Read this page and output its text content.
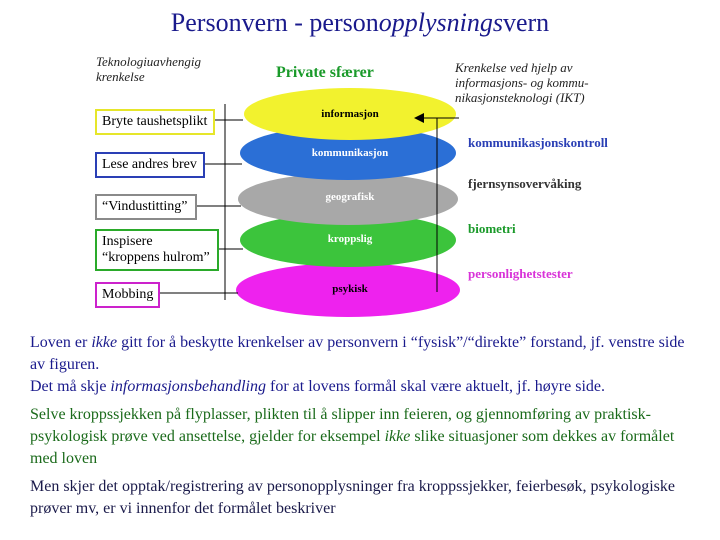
Personvern - personopplysningsvern
Teknologiuavhengig
krenkelse	Private sfærer	Krenkelse ved hjelp av
informasjons- og kommu-
nikasjonsteknologi (IKT)
informasjon
kommunikasjon
geografisk
kroppslig
psykisk
Bryte taushetsplikt
Lese andres brev
“Vindustitting”
Inspisere
“kroppens hulrom”
Mobbing
kommunikasjonskontroll
fjernsynsovervåking
biometri
personlighetstester
Loven er ikke gitt for å beskytte krenkelser av personvern i “fysisk”/“direkte” forstand, jf. venstre side av figuren.
Det må skje informasjonsbehandling for at lovens formål skal være aktuelt, jf. høyre side.
Selve kroppssjekken på flyplasser, plikten til å slipper inn feieren, og gjennomføring av praktisk-psykologisk prøve ved ansettelse, gjelder for eksempel ikke slike situasjoner som dekkes av formålet med loven
Men skjer det opptak/registrering av personopplysninger fra kroppssjekker, feierbesøk, psykologiske prøver mv, er vi innenfor det formålet beskriver
